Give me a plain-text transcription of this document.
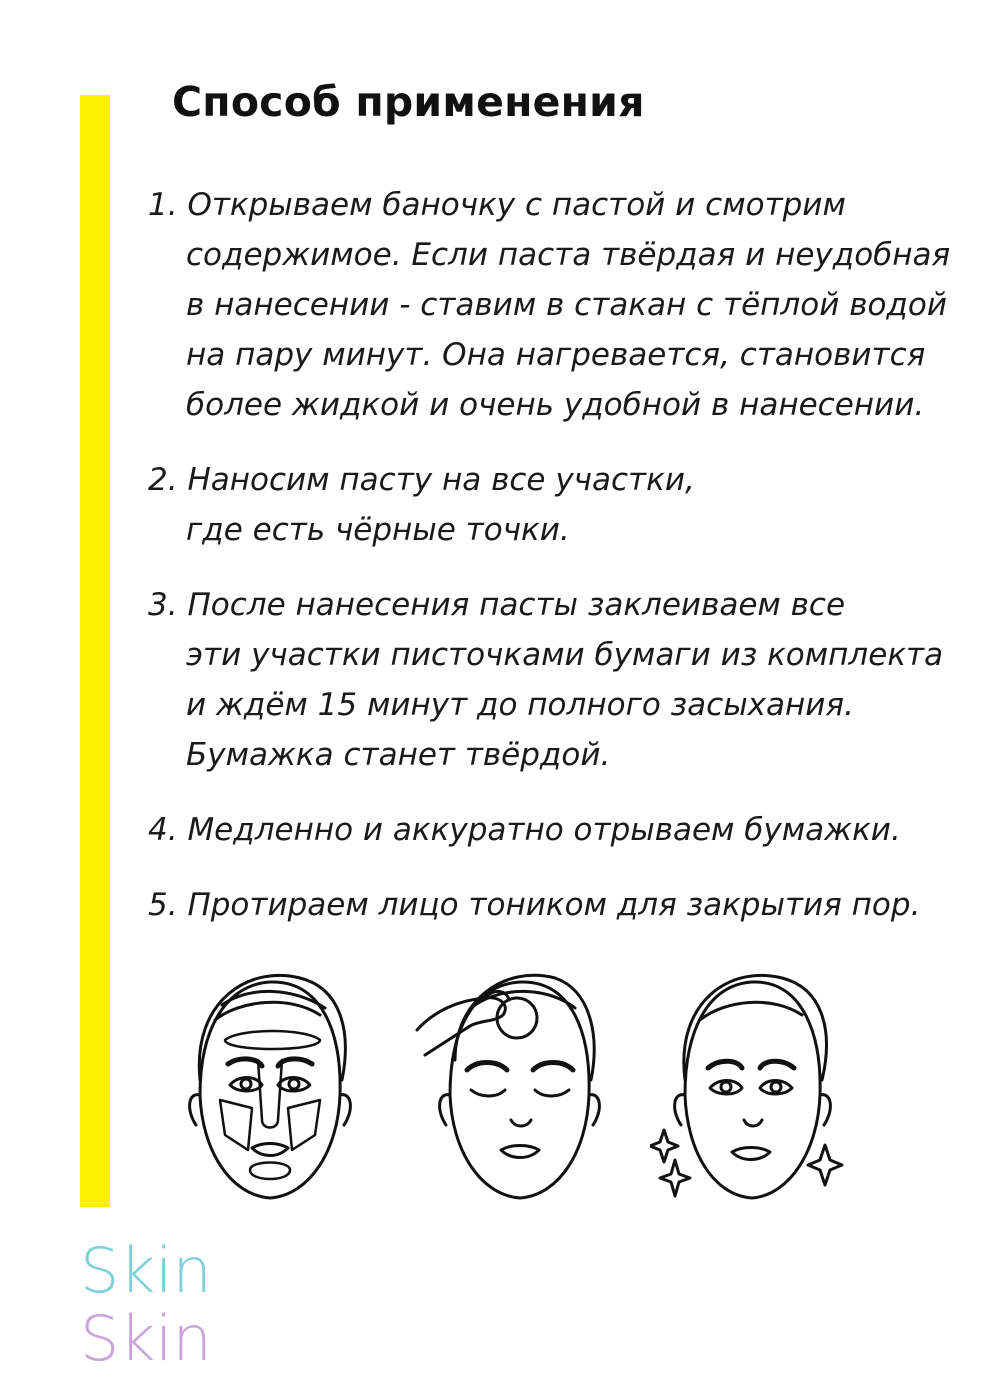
Способ применения
1. Открываем баночку с пастой и смотрим
содержимое. Если паста твёрдая и неудобная
в нанесении - ставим в стакан с тёплой водой
на пару минут. Она нагревается, становится
более жидкой и очень удобной в нанесении.
2. Наносим пасту на все участки,
где есть чёрные точки.
3. После нанесения пасты заклеиваем все
эти участки писточками бумаги из комплекта
и ждём 15 минут до полного засыхания.
Бумажка станет твёрдой.
4. Медленно и аккуратно отрываем бумажки.
5. Протираем лицо тоником для закрытия пор.
Skin
Skin
